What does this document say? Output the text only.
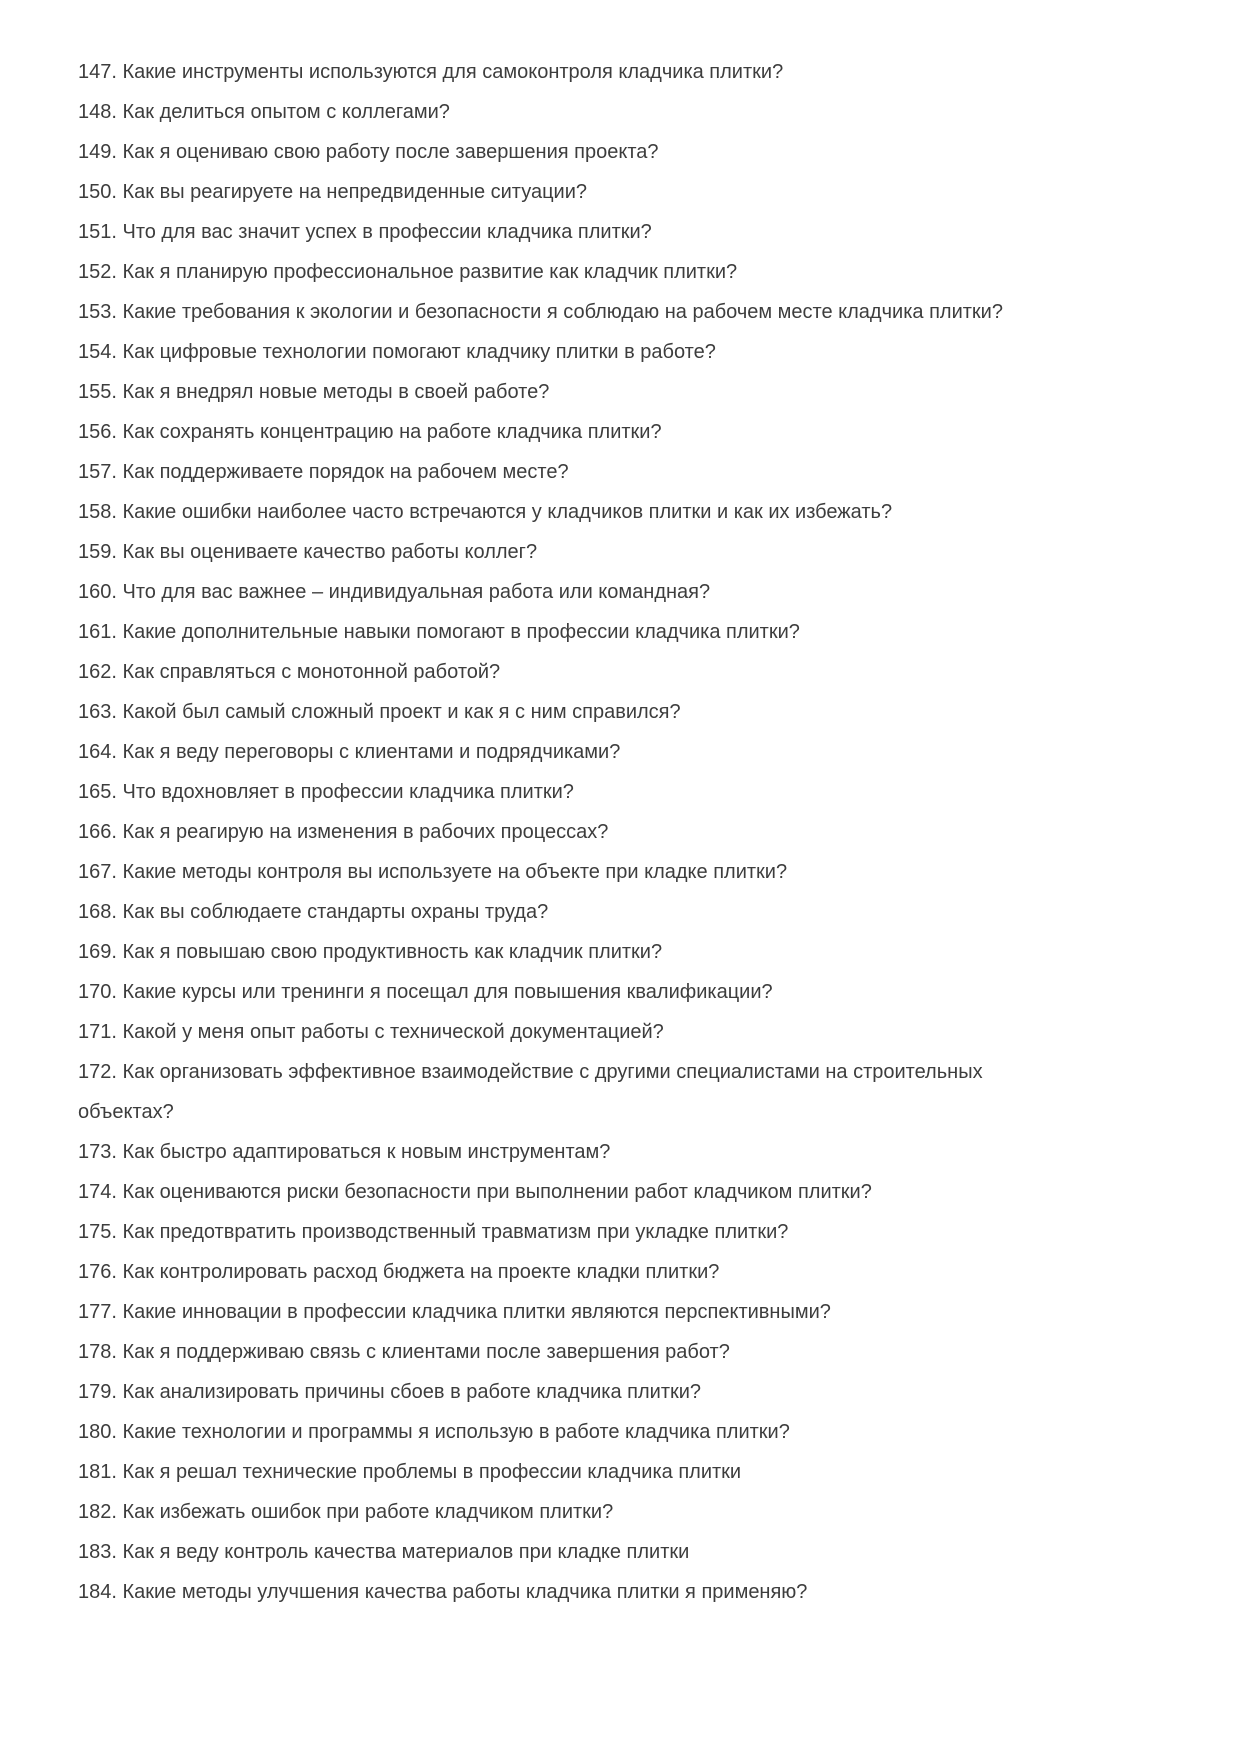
147. Какие инструменты используются для самоконтроля кладчика плитки?

148. Как делиться опытом с коллегами?

149. Как я оцениваю свою работу после завершения проекта?

150. Как вы реагируете на непредвиденные ситуации?

151. Что для вас значит успех в профессии кладчика плитки?

152. Как я планирую профессиональное развитие как кладчик плитки?

153. Какие требования к экологии и безопасности я соблюдаю на рабочем месте кладчика плитки?

154. Как цифровые технологии помогают кладчику плитки в работе?

155. Как я внедрял новые методы в своей работе?

156. Как сохранять концентрацию на работе кладчика плитки?

157. Как поддерживаете порядок на рабочем месте?

158. Какие ошибки наиболее часто встречаются у кладчиков плитки и как их избежать?

159. Как вы оцениваете качество работы коллег?

160. Что для вас важнее – индивидуальная работа или командная?

161. Какие дополнительные навыки помогают в профессии кладчика плитки?

162. Как справляться с монотонной работой?

163. Какой был самый сложный проект и как я с ним справился?

164. Как я веду переговоры с клиентами и подрядчиками?

165. Что вдохновляет в профессии кладчика плитки?

166. Как я реагирую на изменения в рабочих процессах?

167. Какие методы контроля вы используете на объекте при кладке плитки?

168. Как вы соблюдаете стандарты охраны труда?

169. Как я повышаю свою продуктивность как кладчик плитки?

170. Какие курсы или тренинги я посещал для повышения квалификации?

171. Какой у меня опыт работы с технической документацией?

172. Как организовать эффективное взаимодействие с другими специалистами на строительных объектах?

173. Как быстро адаптироваться к новым инструментам?

174. Как оцениваются риски безопасности при выполнении работ кладчиком плитки?

175. Как предотвратить производственный травматизм при укладке плитки?

176. Как контролировать расход бюджета на проекте кладки плитки?

177. Какие инновации в профессии кладчика плитки являются перспективными?

178. Как я поддерживаю связь с клиентами после завершения работ?

179. Как анализировать причины сбоев в работе кладчика плитки?

180. Какие технологии и программы я использую в работе кладчика плитки?

181. Как я решал технические проблемы в профессии кладчика плитки

182. Как избежать ошибок при работе кладчиком плитки?

183. Как я веду контроль качества материалов при кладке плитки

184. Какие методы улучшения качества работы кладчика плитки я применяю?
